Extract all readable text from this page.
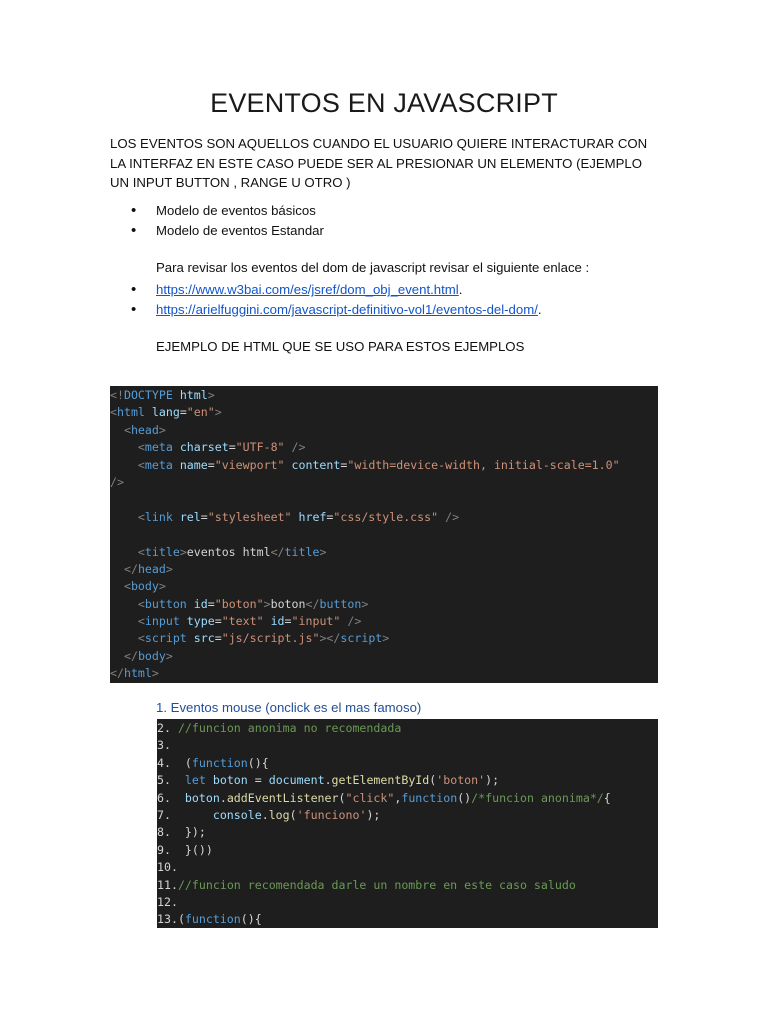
EVENTOS EN JAVASCRIPT
LOS EVENTOS SON AQUELLOS CUANDO EL USUARIO QUIERE INTERACTURAR CON LA INTERFAZ EN ESTE CASO PUEDE SER AL PRESIONAR UN ELEMENTO (EJEMPLO UN INPUT BUTTON , RANGE U OTRO )
• Modelo de eventos básicos
• Modelo de eventos Estandar
Para revisar los eventos del dom de javascript revisar el siguiente enlace :
• https://www.w3bai.com/es/jsref/dom_obj_event.html.
• https://arielfuggini.com/javascript-definitivo-vol1/eventos-del-dom/.
EJEMPLO DE HTML QUE SE USO PARA ESTOS EJEMPLOS
<!DOCTYPE html>
<html lang="en">
<head>
<meta charset="UTF-8" />
<meta name="viewport" content="width=device-width, initial-scale=1.0"
/>

<link rel="stylesheet" href="css/style.css" />

<title>eventos html</title>
</head>
<body>
<button id="boton">boton</button>
<input type="text" id="input" />
<script src="js/script.js"></script>
</body>
</html>
1. Eventos mouse (onclick es el mas famoso)
2. //funcion anonima no recomendada
3.
4.  (function(){
5.  let boton = document.getElementById('boton');
6.  boton.addEventListener("click",function()/*funcion anonima*/{
7.      console.log('funciono');
8.  });
9.  }())
10.
11.//funcion recomendada darle un nombre en este caso saludo
12.
13.(function(){
